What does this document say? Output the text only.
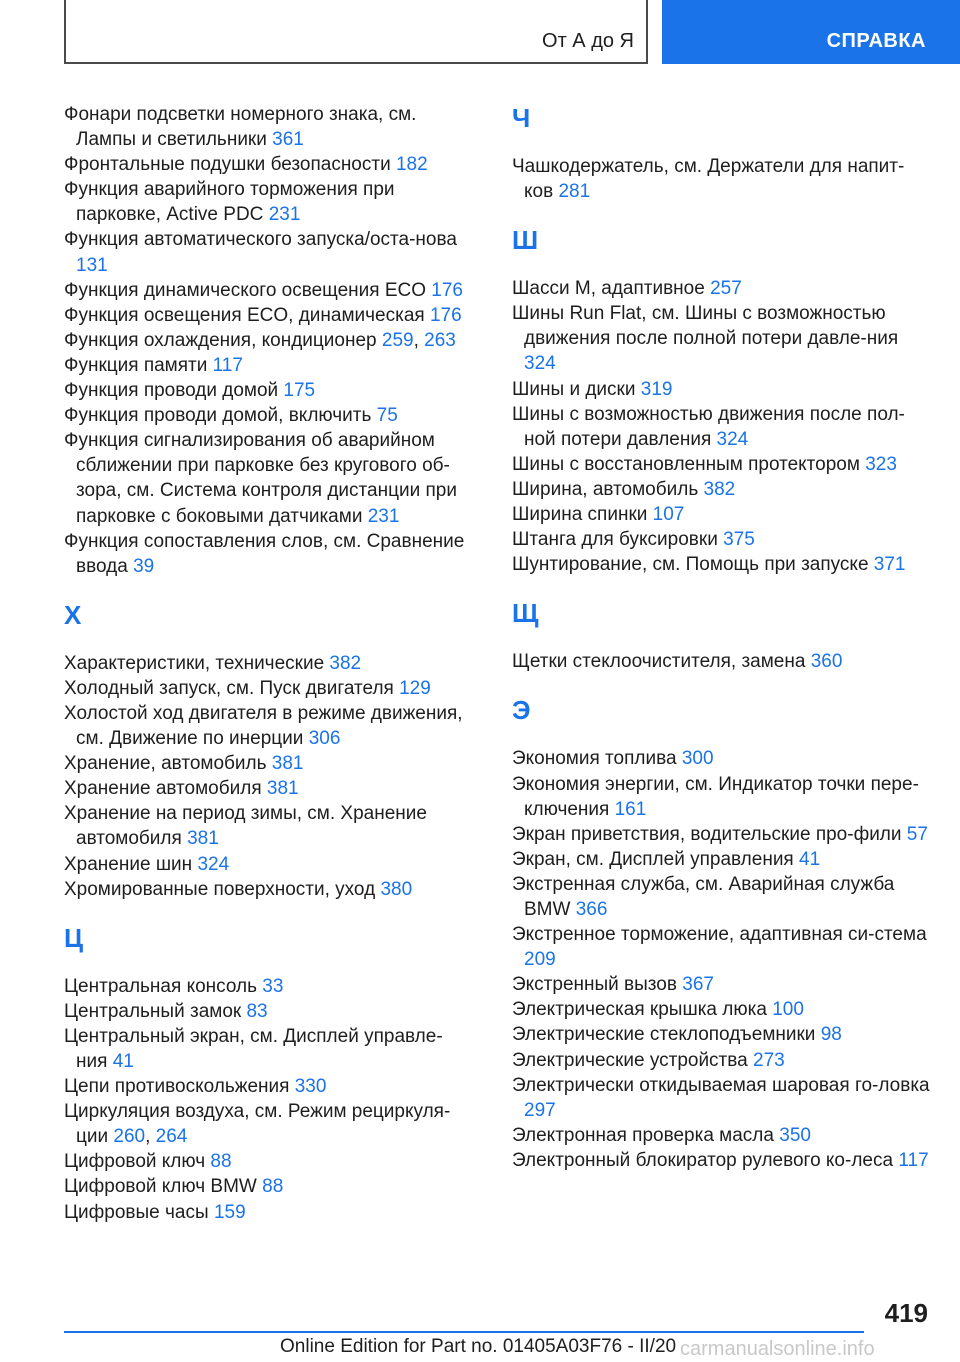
От А до Я	СПРАВКА
Фонари подсветки номерного знака, см. Лампы и светильники 361
Фронтальные подушки безопасности 182
Функция аварийного торможения при парковке, Active PDC 231
Функция автоматического запуска/оста-нова 131
Функция динамического освещения ECO 176
Функция освещения ECO, динамическая 176
Функция охлаждения, кондиционер 259, 263
Функция памяти 117
Функция проводи домой 175
Функция проводи домой, включить 75
Функция сигнализирования об аварийном сближении при парковке без кругового об-зора, см. Система контроля дистанции при парковке с боковыми датчиками 231
Функция сопоставления слов, см. Сравнение ввода 39
Х
Характеристики, технические 382
Холодный запуск, см. Пуск двигателя 129
Холостой ход двигателя в режиме движения, см. Движение по инерции 306
Хранение, автомобиль 381
Хранение автомобиля 381
Хранение на период зимы, см. Хранение автомобиля 381
Хранение шин 324
Хромированные поверхности, уход 380
Ц
Центральная консоль 33
Центральный замок 83
Центральный экран, см. Дисплей управле-ния 41
Цепи противоскольжения 330
Циркуляция воздуха, см. Режим рециркуля-ции 260, 264
Цифровой ключ 88
Цифровой ключ BMW 88
Цифровые часы 159
Ч
Чашкодержатель, см. Держатели для напит-ков 281
Ш
Шасси M, адаптивное 257
Шины Run Flat, см. Шины с возможностью движения после полной потери давле-ния 324
Шины и диски 319
Шины с возможностью движения после пол-ной потери давления 324
Шины с восстановленным протектором 323
Ширина, автомобиль 382
Ширина спинки 107
Штанга для буксировки 375
Шунтирование, см. Помощь при запуске 371
Щ
Щетки стеклоочистителя, замена 360
Э
Экономия топлива 300
Экономия энергии, см. Индикатор точки пере-ключения 161
Экран приветствия, водительские про-фили 57
Экран, см. Дисплей управления 41
Экстренная служба, см. Аварийная служба BMW 366
Экстренное торможение, адаптивная си-стема 209
Экстренный вызов 367
Электрическая крышка люка 100
Электрические стеклоподъемники 98
Электрические устройства 273
Электрически откидываемая шаровая го-ловка 297
Электронная проверка масла 350
Электронный блокиратор рулевого ко-леса 117
419
Online Edition for Part no. 01405A03F76 - II/20 carmanualsonline.info
